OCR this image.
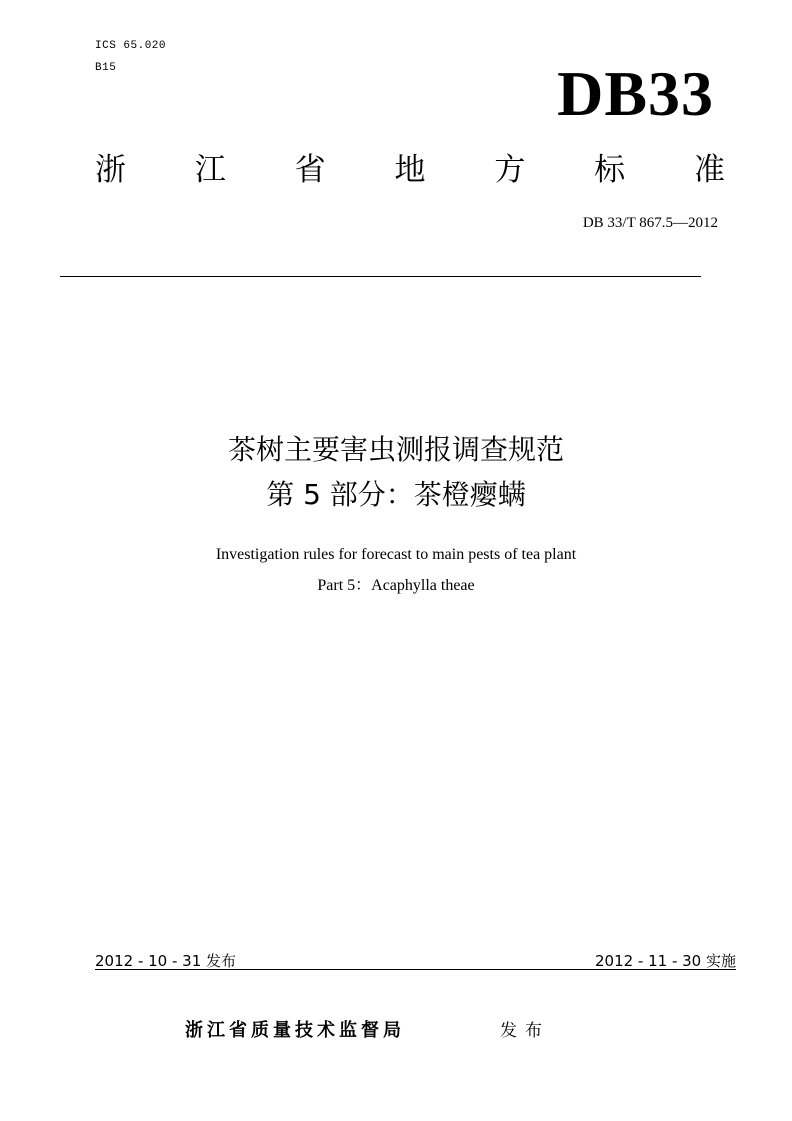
ICS 65.020
B15	DB33
浙 江 省 地 方 标 准
DB 33/T 867.5—2012
茶树主要害虫测报调查规范
第 5 部分：茶橙瘿螨
Investigation rules for forecast to main pests of tea plant
Part 5：Acaphylla theae
2012 - 10 - 31 发布	2012 - 11 - 30 实施
浙江省质量技术监督局	发布
